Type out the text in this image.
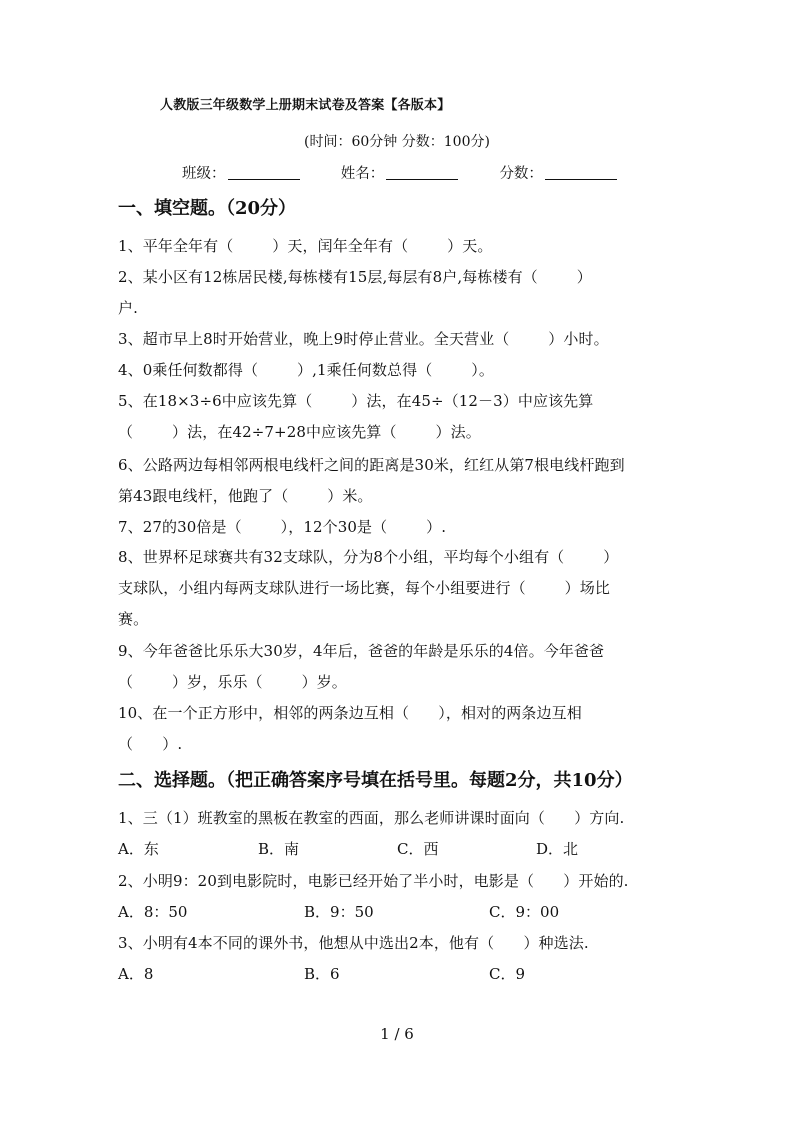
人教版三年级数学上册期末试卷及答案【各版本】
(时间：60分钟 分数：100分)
班级：	姓名：	分数：
一、填空题。（20分）
1、平年全年有（        ）天，闰年全年有（        ）天。
2、某小区有12栋居民楼,每栋楼有15层,每层有8户,每栋楼有（        ）
户.
3、超市早上8时开始营业，晚上9时停止营业。全天营业（        ）小时。
4、0乘任何数都得（        ）,1乘任何数总得（        ）。
5、在18×3÷6中应该先算（        ）法，在45÷（12－3）中应该先算
（        ）法，在42÷7+28中应该先算（        ）法。
6、公路两边每相邻两根电线杆之间的距离是30米，红红从第7根电线杆跑到
第43跟电线杆，他跑了（        ）米。
7、27的30倍是（        ），12个30是（        ）.
8、世界杯足球赛共有32支球队，分为8个小组，平均每个小组有（        ）
支球队，小组内每两支球队进行一场比赛，每个小组要进行（        ）场比
赛。
9、今年爸爸比乐乐大30岁，4年后，爸爸的年龄是乐乐的4倍。今年爸爸
（        ）岁，乐乐（        ）岁。
10、在一个正方形中，相邻的两条边互相（      ），相对的两条边互相
（      ）.
二、选择题。（把正确答案序号填在括号里。每题2分，共10分）
1、三（1）班教室的黑板在教室的西面，那么老师讲课时面向（      ）方向.
A．东	B．南	C．西	D．北
2、小明9：20到电影院时，电影已经开始了半小时，电影是（      ）开始的.
A．8：50	B．9：50	C．9：00
3、小明有4本不同的课外书，他想从中选出2本，他有（      ）种选法.
A．8	B．6	C．9
1 / 6
